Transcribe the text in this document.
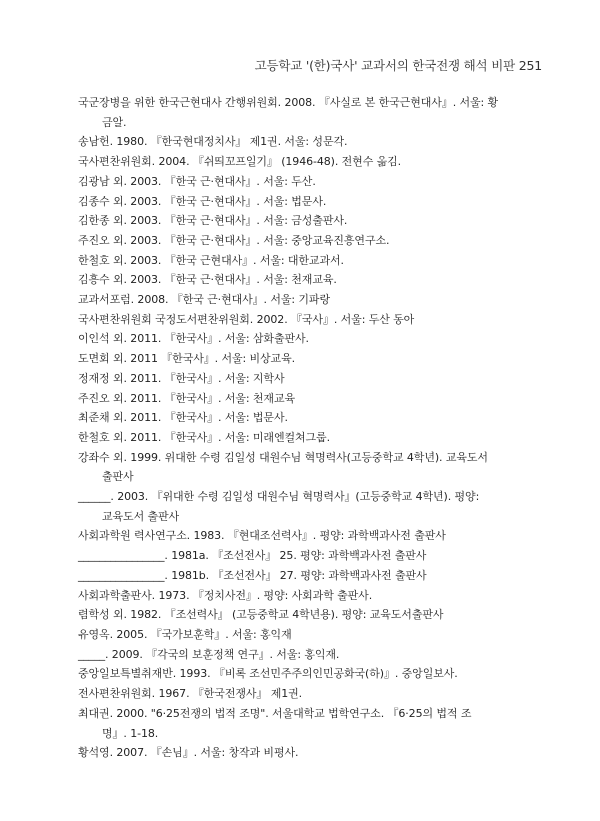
고등학교 '(한)국사' 교과서의 한국전쟁 해석 비판 251
국군장병을 위한 한국근현대사 간행위원회. 2008. 『사실로 본 한국근현대사』. 서울: 황
금알.
송남헌. 1980. 『한국현대정치사』 제1권. 서울: 성문각.
국사편찬위원회. 2004. 『쉬띄꼬프일기』 (1946-48). 전현수 옮김.
김광남 외. 2003. 『한국 근·현대사』. 서울: 두산.
김종수 외. 2003. 『한국 근·현대사』. 서울: 법문사.
김한종 외. 2003. 『한국 근·현대사』. 서울: 금성출판사.
주진오 외. 2003. 『한국 근·현대사』. 서울: 중앙교육진흥연구소.
한철호 외. 2003. 『한국 근현대사』. 서울: 대한교과서.
김흥수 외. 2003. 『한국 근·현대사』. 서울: 천재교육.
교과서포럼. 2008. 『한국 근·현대사』. 서울: 기파랑
국사편찬위원회 국정도서편찬위원회. 2002. 『국사』. 서울: 두산 동아
이인석 외. 2011. 『한국사』. 서울: 삼화출판사.
도면회 외. 2011 『한국사』. 서울: 비상교육.
정재정 외. 2011. 『한국사』. 서울: 지학사
주진오 외. 2011. 『한국사』. 서울: 천재교육
최준채 외. 2011. 『한국사』. 서울: 법문사.
한철호 외. 2011. 『한국사』. 서울: 미래엔컬쳐그룹.
강좌수 외. 1999. 위대한 수령 김일성 대원수님 혁명력사(고등중학교 4학년). 교육도서
출판사
______. 2003. 『위대한 수령 김일성 대원수님 혁명력사』(고등중학교 4학년). 평양:
교육도서 출판사
사회과학원 력사연구소. 1983. 『현대조선력사』. 평양: 과학백과사전 출판사
________________. 1981a. 『조선전사』 25. 평양: 과학백과사전 출판사
________________. 1981b. 『조선전사』 27. 평양: 과학백과사전 출판사
사회과학출판사. 1973. 『정치사전』. 평양: 사회과학 출판사.
렴학성 외. 1982. 『조선력사』 (고등중학교 4학년용). 평양: 교육도서출판사
유영옥. 2005. 『국가보훈학』. 서울: 홍익재
_____. 2009. 『각국의 보훈정책 연구』. 서울: 홍익재.
중앙일보특별취재반. 1993. 『비록 조선민주주의인민공화국(하)』. 중앙일보사.
전사편찬위원회. 1967. 『한국전쟁사』 제1권.
최대권. 2000. "6·25전쟁의 법적 조명". 서울대학교 법학연구소. 『6·25의 법적 조
명』. 1-18.
황석영. 2007. 『손님』. 서울: 창작과 비평사.
